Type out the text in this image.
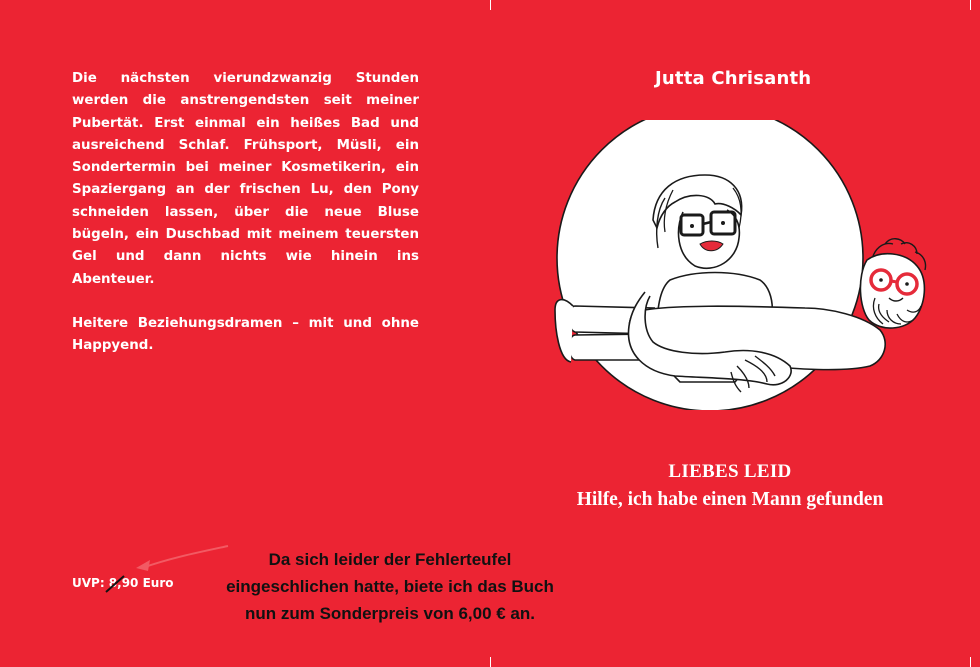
Die nächsten vierundzwanzig Stunden werden die anstrengendsten seit meiner Pubertät. Erst einmal ein heißes Bad und ausreichend Schlaf. Frühsport, Müsli, ein Sondertermin bei meiner Kosmetikerin, ein Spaziergang an der frischen Lu, den Pony schneiden lassen, über die neue Bluse bügeln, ein Duschbad mit meinem teuersten Gel und dann nichts wie hinein ins Abenteuer.

Heitere Beziehungsdramen – mit und ohne Happyend.

Jutta Chrisanth
LIEBES LEID
Hilfe, ich habe einen Mann gefunden
UVP: 8,90 Euro
Da sich leider der Fehlerteufel
eingeschlichen hatte, biete ich das Buch
nun zum Sonderpreis von 6,00 € an.
